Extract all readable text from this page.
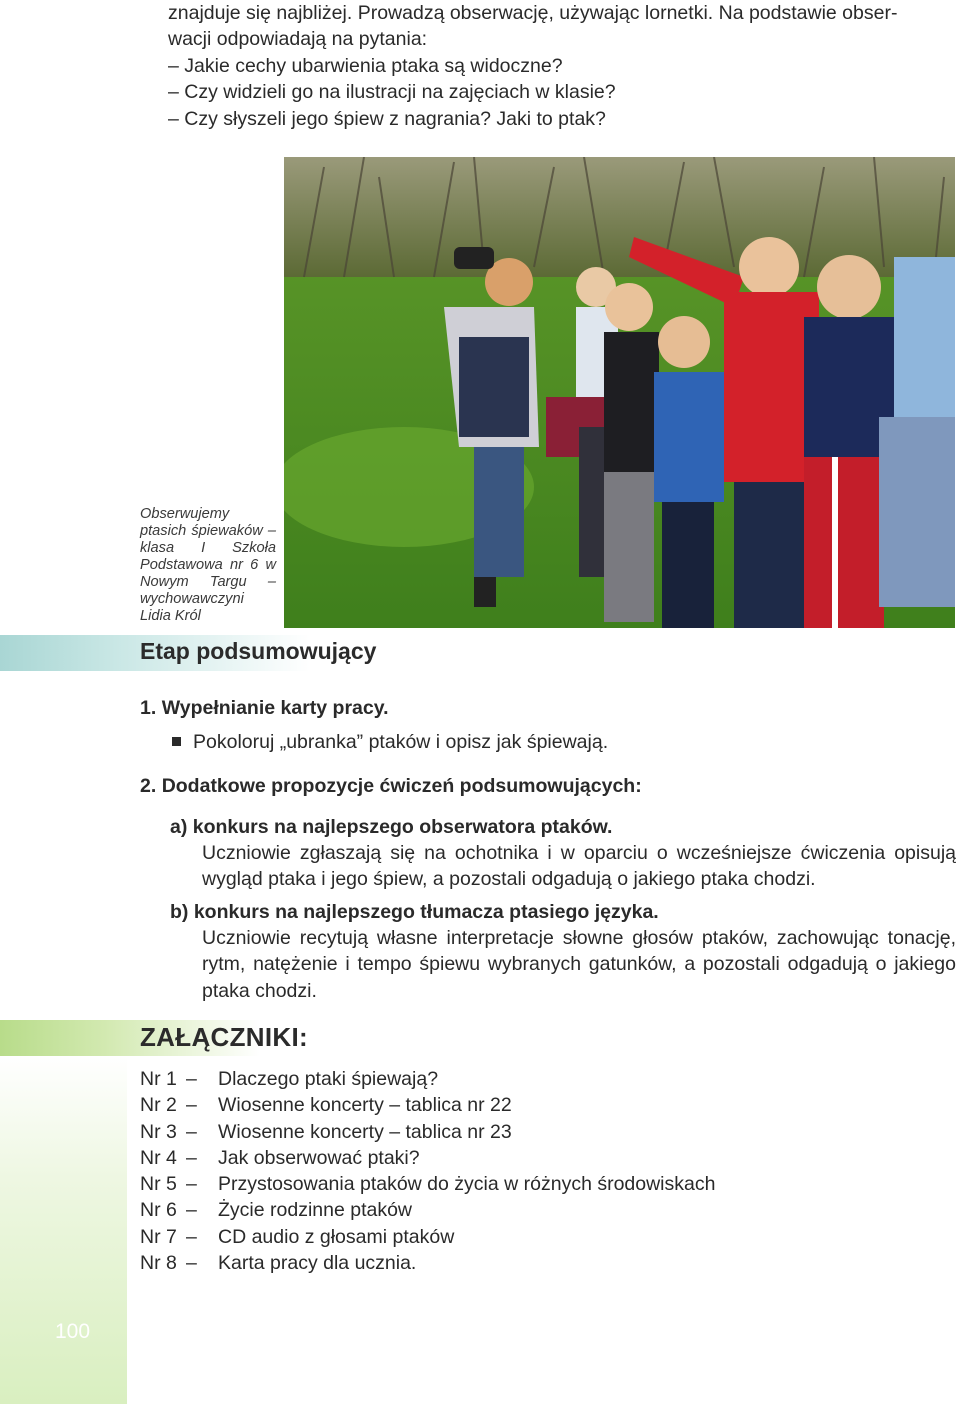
znajduje się najbliżej. Prowadzą obserwację, używając lornetki. Na podstawie obser-

wacji odpowiadają na pytania:

– Jakie cechy ubarwienia ptaka są widoczne?

– Czy widzieli go na ilustracji na zajęciach w klasie?

– Czy słyszeli jego śpiew z nagrania? Jaki to ptak?

Obserwujemy ptasich śpiewaków – klasa I Szkoła Podstawowa nr 6 w Nowym Targu – wychowawczyni Lidia Król
Etap podsumowujący
1. Wypełnianie karty pracy.
Pokoloruj „ubranka” ptaków i opisz jak śpiewają.
2. Dodatkowe propozycje ćwiczeń podsumowujących:
a) konkurs na najlepszego obserwatora ptaków.
Uczniowie zgłaszają się na ochotnika i w oparciu o wcześniejsze ćwiczenia opisują wygląd ptaka i jego śpiew, a pozostali odgadują o jakiego ptaka chodzi.
b) konkurs na najlepszego tłumacza ptasiego języka.
Uczniowie recytują własne interpretacje słowne głosów ptaków, zachowując tonację, rytm, natężenie i tempo śpiewu wybranych gatunków, a pozostali odgadują o jakiego ptaka chodzi.
ZAŁĄCZNIKI:
Nr 1 – Dlaczego ptaki śpiewają?
Nr 2 – Wiosenne koncerty – tablica nr 22
Nr 3 – Wiosenne koncerty – tablica nr 23
Nr 4 – Jak obserwować ptaki?
Nr 5 – Przystosowania ptaków do życia w różnych środowiskach
Nr 6 – Życie rodzinne ptaków
Nr 7 – CD audio z głosami ptaków
Nr 8 – Karta pracy dla ucznia.
100
